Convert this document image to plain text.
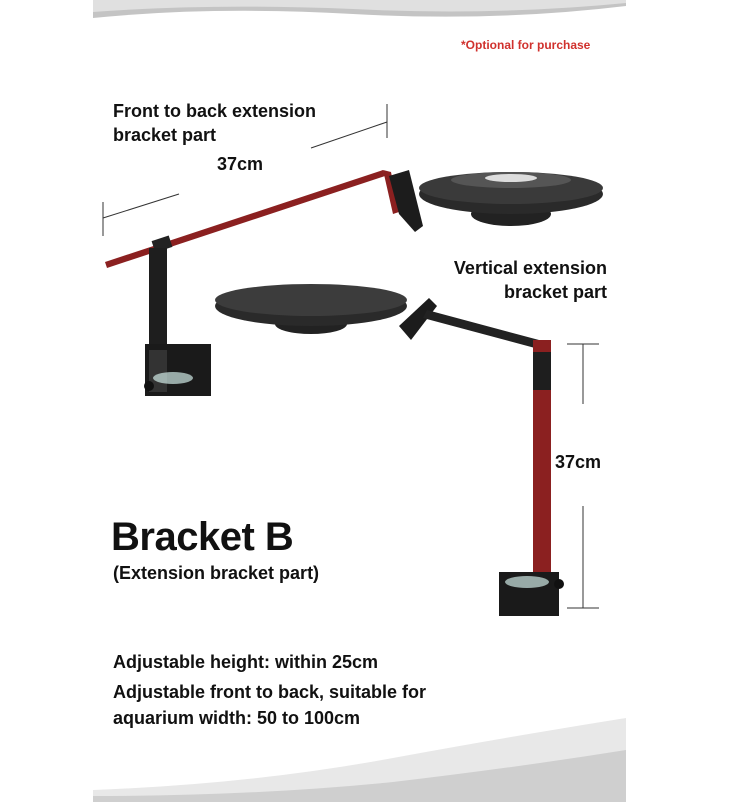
*Optional for purchase
Front to back extension
bracket part
37cm
Vertical extension
bracket part
37cm
Bracket B
(Extension bracket part)
Adjustable height: within 25cm
Adjustable front to back, suitable for
aquarium width: 50 to 100cm
